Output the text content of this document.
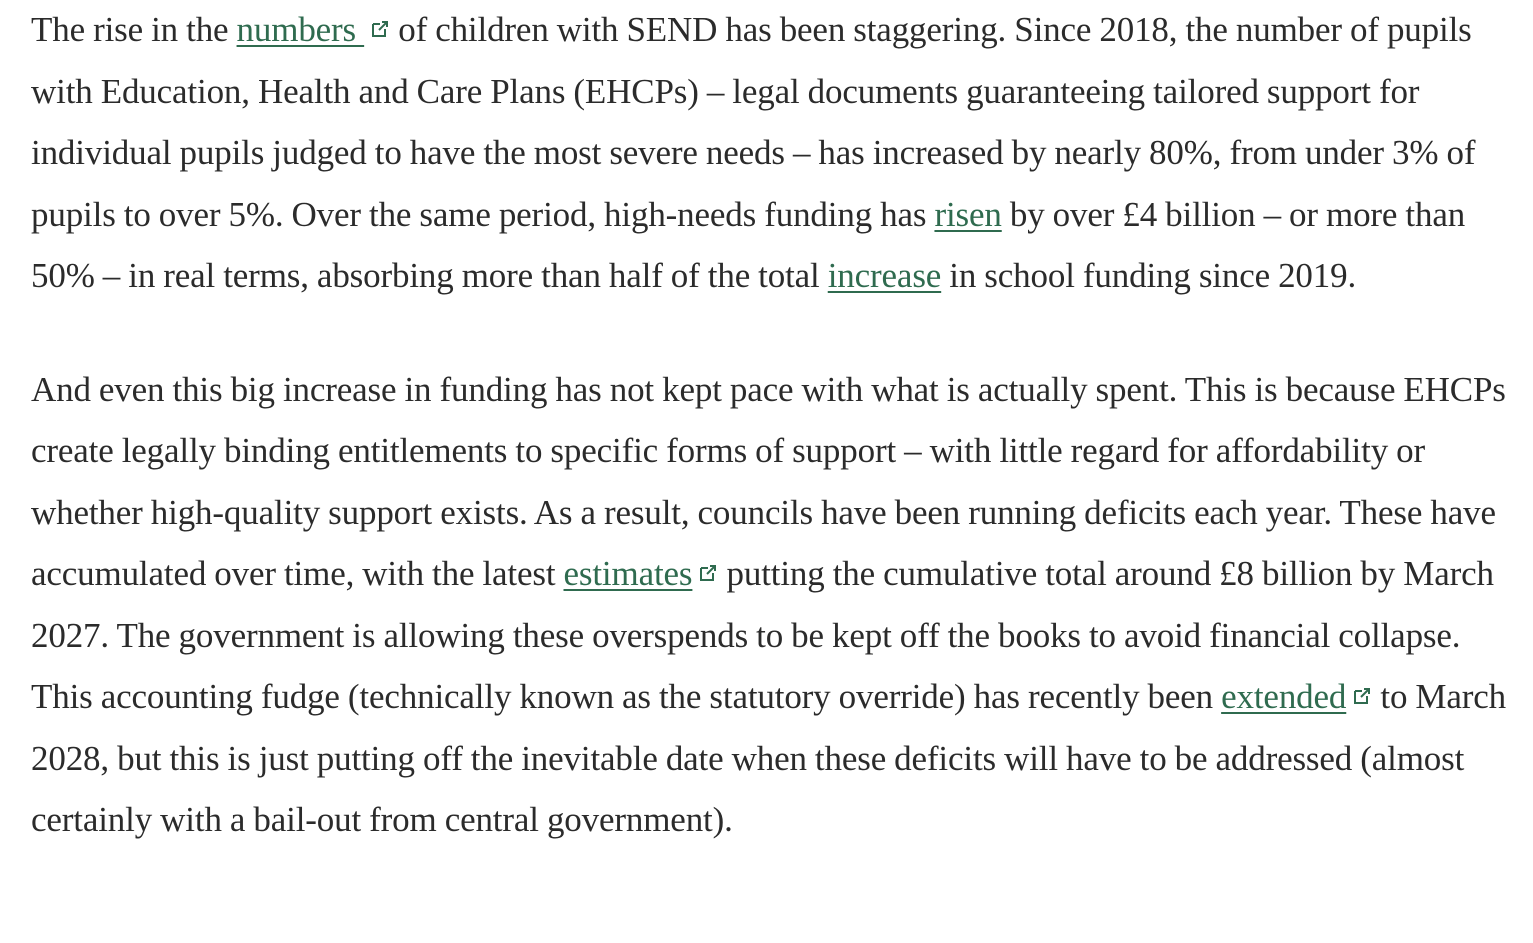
The rise in the numbers
of children with SEND has been staggering. Since 2018, the number of pupils with Education, Health and Care Plans (EHCPs) – legal documents guaranteeing tailored support for individual pupils judged to have the most severe needs – has increased by nearly 80%, from under 3% of pupils to over 5%. Over the same period, high-needs funding has risen by over £4 billion – or more than 50% – in real terms, absorbing more than half of the total increase in school funding since 2019.

And even this big increase in funding has not kept pace with what is actually spent. This is because EHCPs create legally binding entitlements to specific forms of support – with little regard for affordability or whether high-quality support exists. As a result, councils have been running deficits each year. These have accumulated over time, with the latest estimates
putting the cumulative total around £8 billion by March 2027. The government is allowing these overspends to be kept off the books to avoid financial collapse. This accounting fudge (technically known as the statutory override) has recently been extended
to March 2028, but this is just putting off the inevitable date when these deficits will have to be addressed (almost certainly with a bail-out from central government).
